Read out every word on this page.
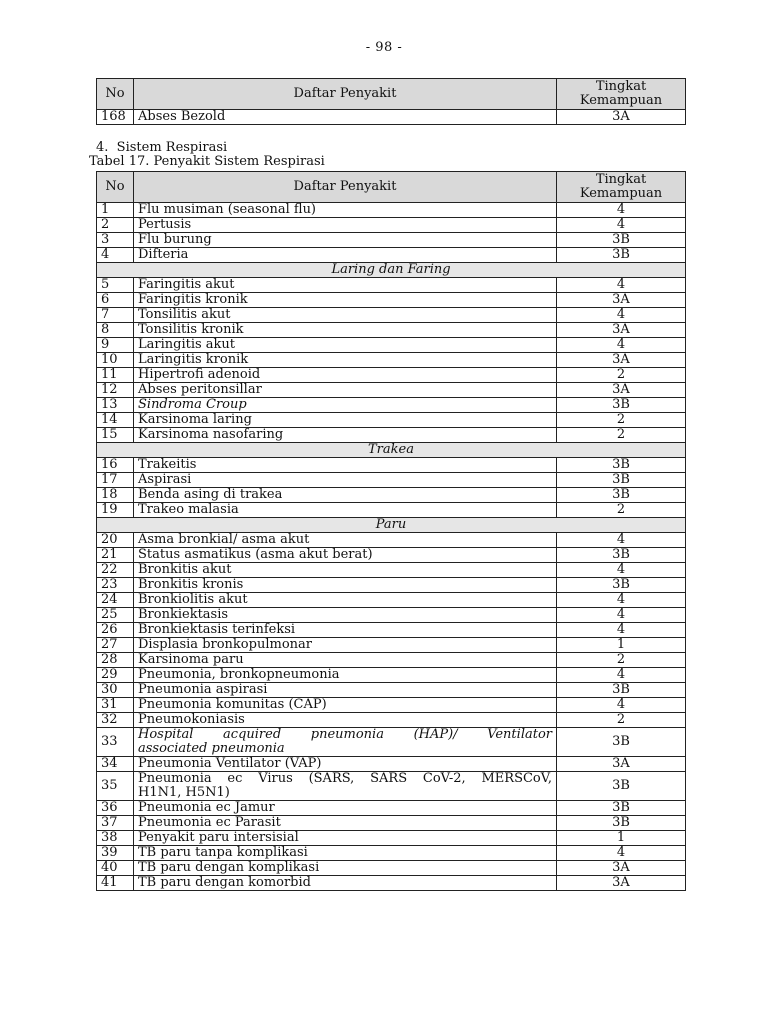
- 98 -
No	Daftar Penyakit	Tingkat Kemampuan
168	Abses Bezold	3A
4.  Sistem Respirasi
Tabel 17. Penyakit Sistem Respirasi
No	Daftar Penyakit	Tingkat Kemampuan
1	Flu musiman (seasonal flu)	4
2	Pertusis	4
3	Flu burung	3B
4	Difteria	3B
Laring dan Faring		
5	Faringitis akut	4
6	Faringitis kronik	3A
7	Tonsilitis akut	4
8	Tonsilitis kronik	3A
9	Laringitis akut	4
10	Laringitis kronik	3A
11	Hipertrofi adenoid	2
12	Abses peritonsillar	3A
13	Sindroma Croup	3B
14	Karsinoma laring	2
15	Karsinoma nasofaring	2
Trakea		
16	Trakeitis	3B
17	Aspirasi	3B
18	Benda asing di trakea	3B
19	Trakeo malasia	2
Paru		
20	Asma bronkial/ asma akut	4
21	Status asmatikus (asma akut berat)	3B
22	Bronkitis akut	4
23	Bronkitis kronis	3B
24	Bronkiolitis akut	4
25	Bronkiektasis	4
26	Bronkiektasis terinfeksi	4
27	Displasia bronkopulmonar	1
28	Karsinoma paru	2
29	Pneumonia, bronkopneumonia	4
30	Pneumonia aspirasi	3B
31	Pneumonia komunitas (CAP)	4
32	Pneumokoniasis	2
33	Hospital acquired pneumonia (HAP)/ Ventilator
associated pneumonia	3B
34	Pneumonia Ventilator (VAP)	3A
35	Pneumonia ec Virus (SARS, SARS CoV-2, MERSCoV,
H1N1, H5N1)	3B
36	Pneumonia ec Jamur	3B
37	Pneumonia ec Parasit	3B
38	Penyakit paru intersisial	1
39	TB paru tanpa komplikasi	4
40	TB paru dengan komplikasi	3A
41	TB paru dengan komorbid	3A
